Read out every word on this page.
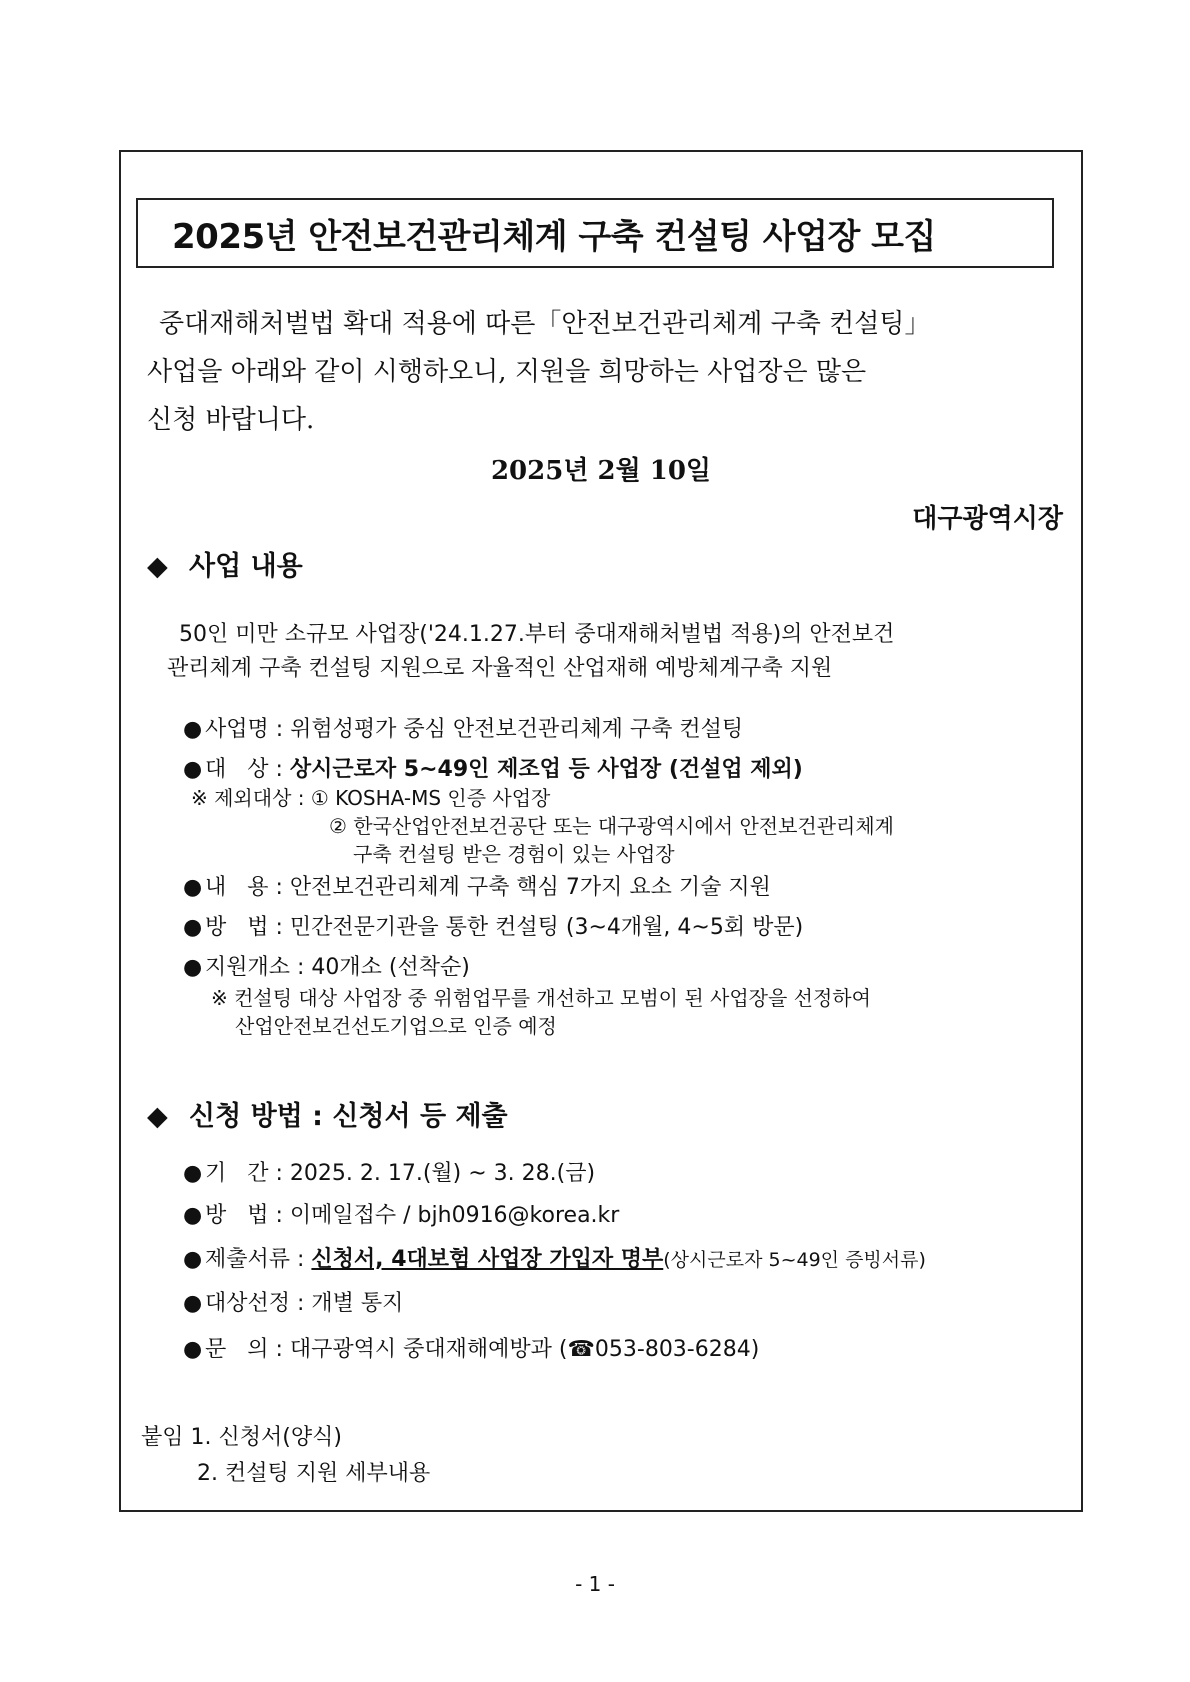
2025년 안전보건관리체계 구축 컨설팅 사업장 모집
중대재해처벌법 확대 적용에 따른「안전보건관리체계 구축 컨설팅」
사업을 아래와 같이 시행하오니, 지원을 희망하는 사업장은 많은
신청 바랍니다.
2025년 2월 10일
대구광역시장
◆ 사업 내용
50인 미만 소규모 사업장('24.1.27.부터 중대재해처벌법 적용)의 안전보건
관리체계 구축 컨설팅 지원으로 자율적인 산업재해 예방체계구축 지원
● 사업명 : 위험성평가 중심 안전보건관리체계 구축 컨설팅
● 대   상 : 상시근로자 5~49인 제조업 등 사업장 (건설업 제외)
※ 제외대상 : ① KOSHA-MS 인증 사업장
② 한국산업안전보건공단 또는 대구광역시에서 안전보건관리체계
구축 컨설팅 받은 경험이 있는 사업장
● 내   용 : 안전보건관리체계 구축 핵심 7가지 요소 기술 지원
● 방   법 : 민간전문기관을 통한 컨설팅 (3~4개월, 4~5회 방문)
● 지원개소 : 40개소 (선착순)
※ 컨설팅 대상 사업장 중 위험업무를 개선하고 모범이 된 사업장을 선정하여
산업안전보건선도기업으로 인증 예정
◆ 신청 방법 : 신청서 등 제출
● 기   간 : 2025. 2. 17.(월) ~ 3. 28.(금)
● 방   법 : 이메일접수 / bjh0916@korea.kr
● 제출서류 : 신청서, 4대보험 사업장 가입자 명부(상시근로자 5~49인 증빙서류)
● 대상선정 : 개별 통지
● 문   의 : 대구광역시 중대재해예방과 (☎053-803-6284)
붙임 1. 신청서(양식)
2. 컨설팅 지원 세부내용
- 1 -
